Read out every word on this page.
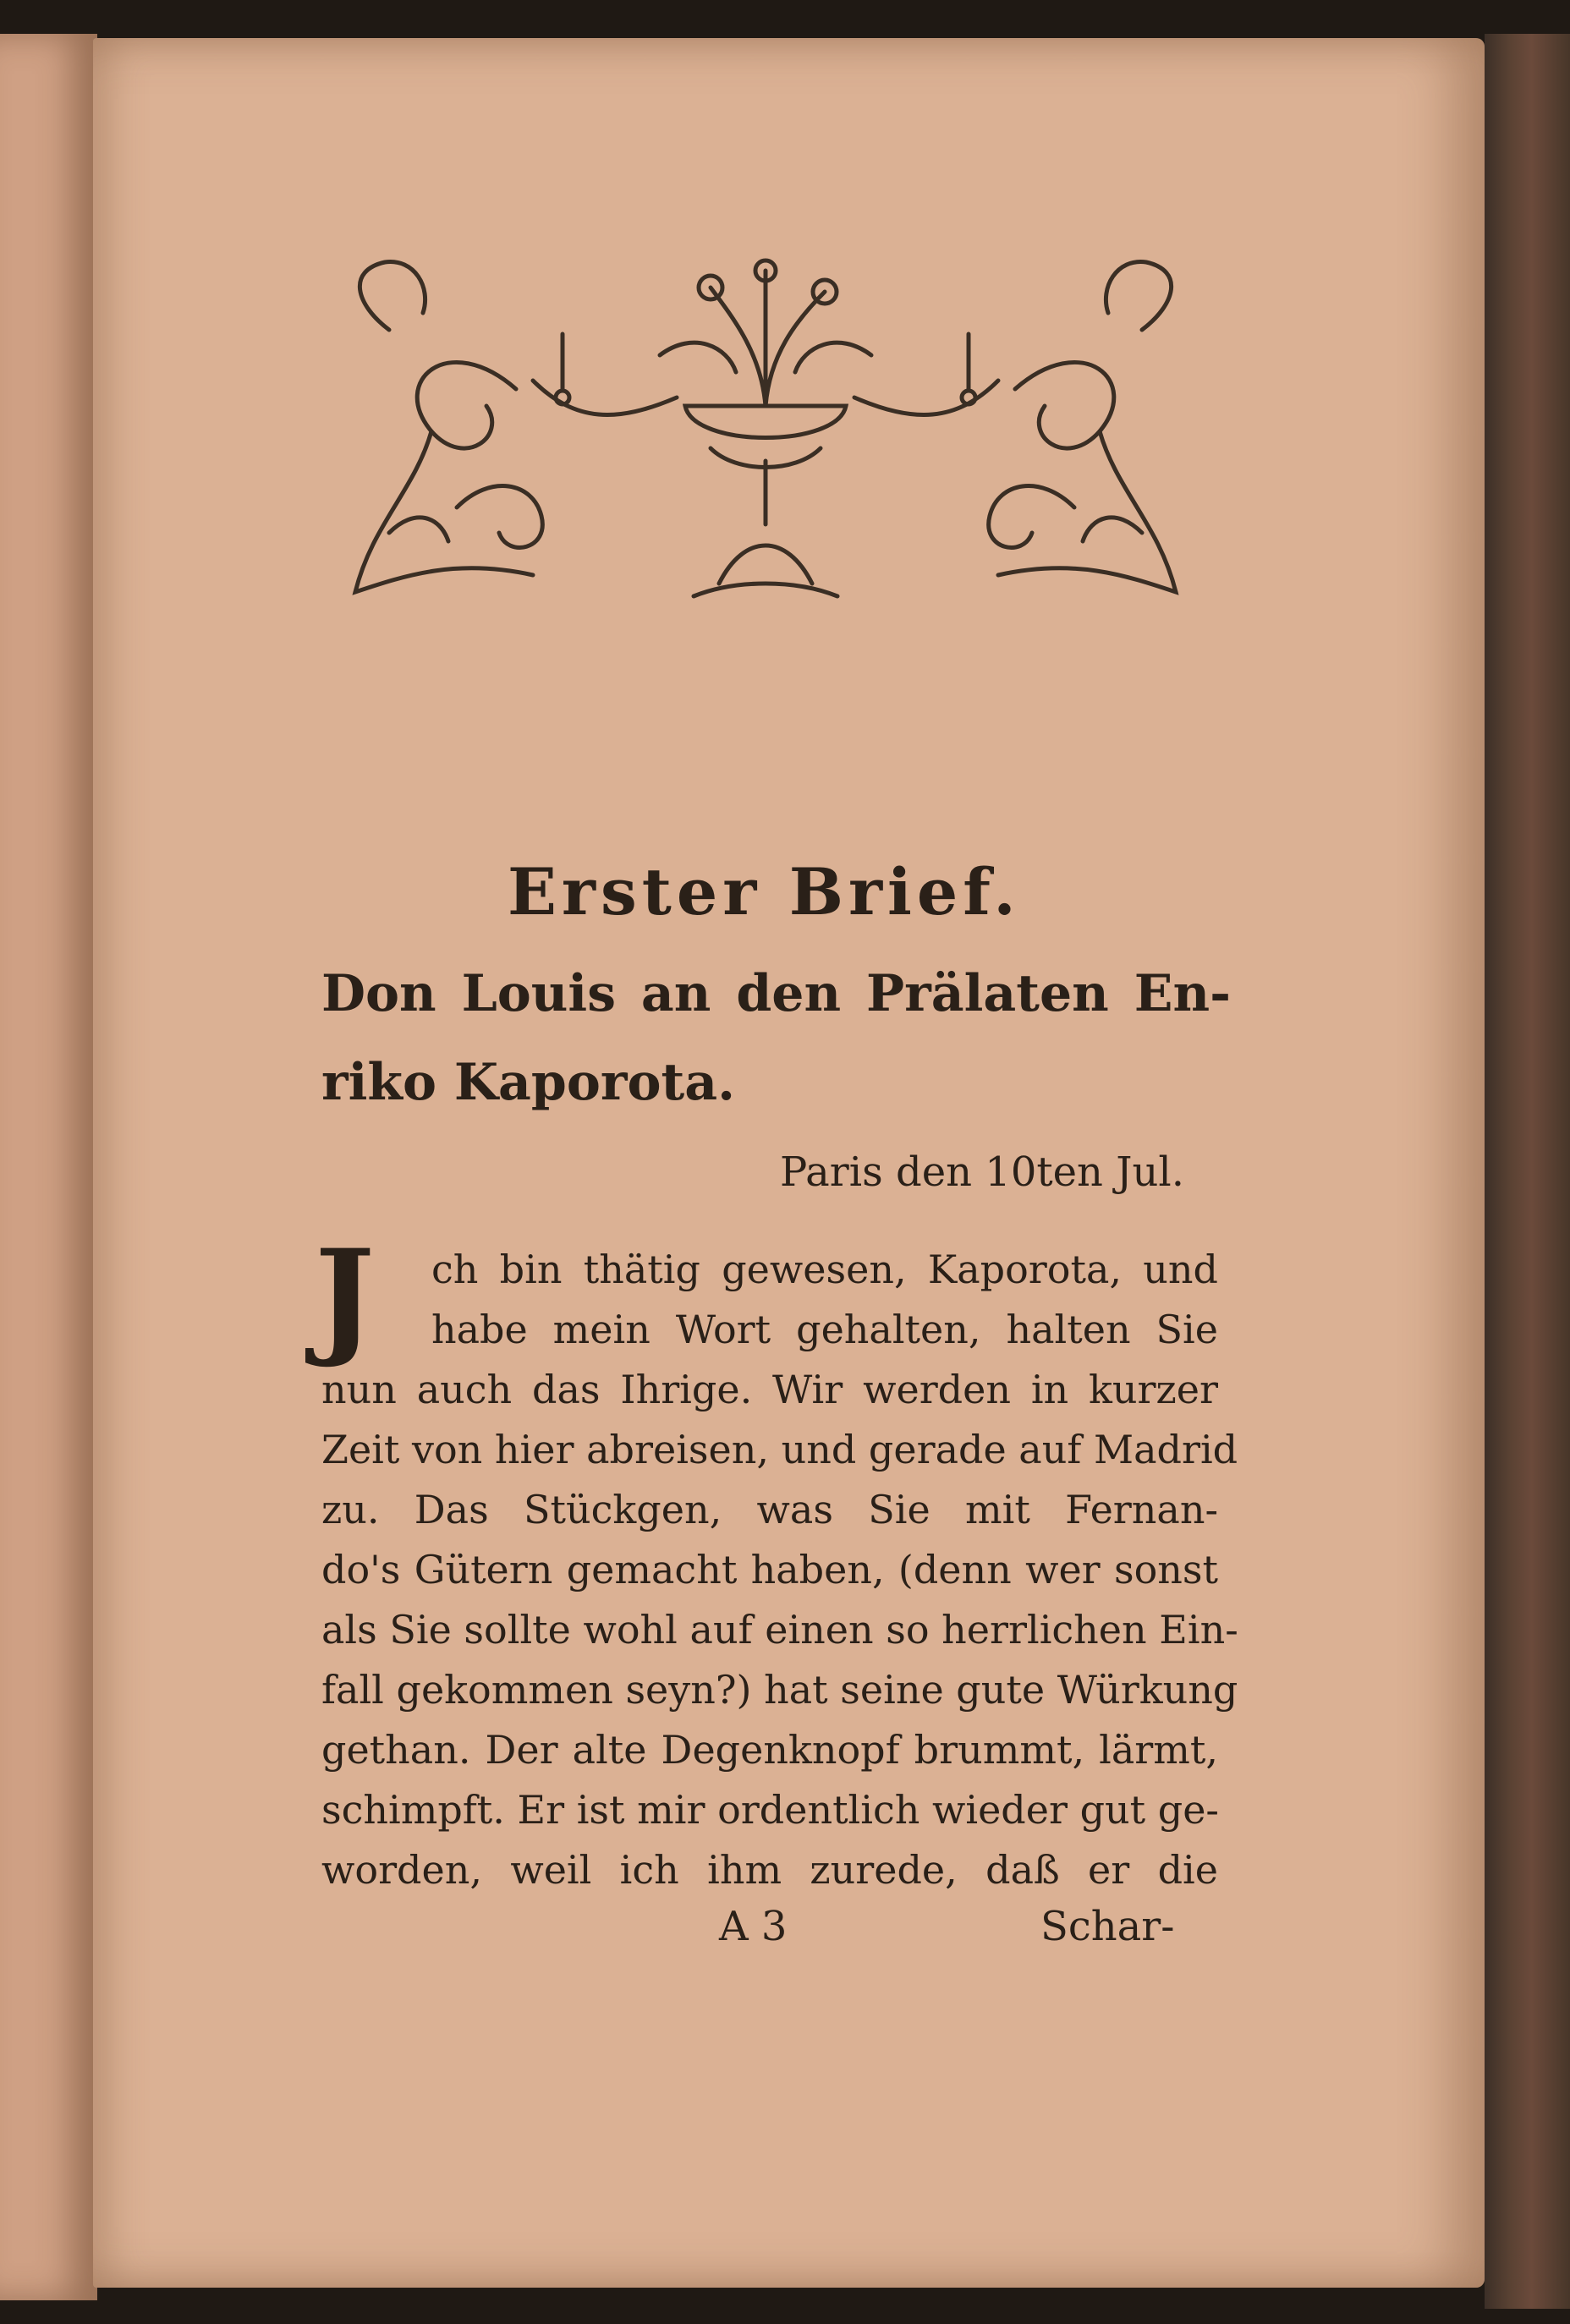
Erster Brief.
Don Louis an den Prälaten En-
riko Kaporota.
Paris den 10ten Jul.
J ch bin thätig gewesen, Kaporota, und
habe mein Wort gehalten, halten Sie
nun auch das Ihrige. Wir werden in kurzer
Zeit von hier abreisen, und gerade auf Madrid
zu. Das Stückgen, was Sie mit Fernan-
do's Gütern gemacht haben, (denn wer sonst
als Sie sollte wohl auf einen so herrlichen Ein-
fall gekommen seyn?) hat seine gute Würkung
gethan. Der alte Degenknopf brummt, lärmt,
schimpft. Er ist mir ordentlich wieder gut ge-
worden, weil ich ihm zurede, daß er die
A 3	Schar-
